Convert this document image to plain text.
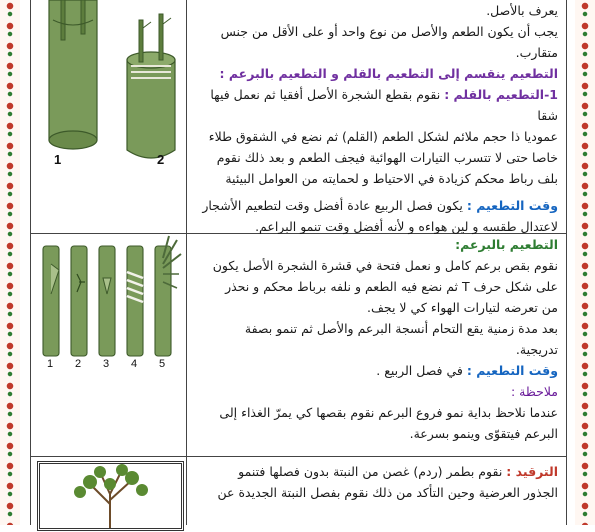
1	2
يعرف بالأصل.
يجب أن يكون الطعم والأصل من نوع واحد أو على الأقل من جنس
متقارب.
التطعيم ينقسم إلى التطعيم بالقلم و التطعيم بالبرعم :
1-التطعيم بالقلم : نقوم بقطع الشجرة الأصل أفقيا ثم نعمل فيها شقا
عموديا ذا حجم ملائم لشكل الطعم (القلم) ثم نضع في الشقوق طلاء
خاصا حتى لا تتسرب التيارات الهوائية فيجف الطعم و بعد ذلك نقوم
بلف رباط محكم كزيادة في الاحتياط و لحمايته من العوامل البيئية
وقت التطعيم : يكون فصل الربيع عادة أفضل وقت لتطعيم الأشجار
لاعتدال طقسه و لين هواءه و لأنه أفضل وقت تنمو البراعم.
1 2 3 4 5
التطعيم بالبرعم:
نقوم بقص برعم كامل و نعمل فتحة في قشرة الشجرة الأصل يكون
على شكل حرف T ثم نضع فيه الطعم و نلفه برباط محكم و نحذر
من تعرضه لتيارات الهواء كي لا يجف.
بعد مدة زمنية يقع التحام أنسجة البرعم والأصل ثم تنمو بصفة
تدريجية.
وقت التطعيم : في فصل الربيع .
ملاحظة :
عندما نلاحظ بداية نمو فروع البرعم نقوم بقصها كي يمرّ الغذاء إلى
البرعم فيتقوّى وينمو بسرعة.
الترقيد : نقوم بطمر (ردم) غصن من النبتة بدون فصلها فتنمو
الجذور العرضية وحين التأكد من ذلك نقوم بفصل النبتة الجديدة عن
